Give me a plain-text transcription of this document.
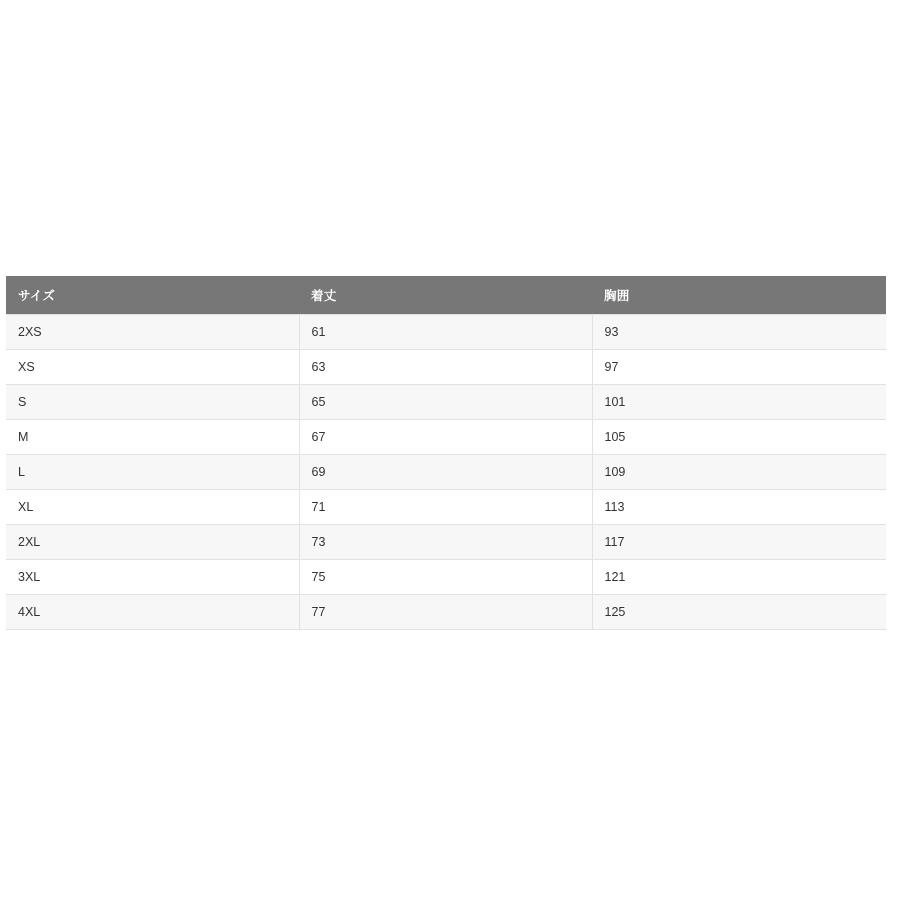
サイズ	着丈	胸囲
2XS	61	93
XS	63	97
S	65	101
M	67	105
L	69	109
XL	71	113
2XL	73	117
3XL	75	121
4XL	77	125
